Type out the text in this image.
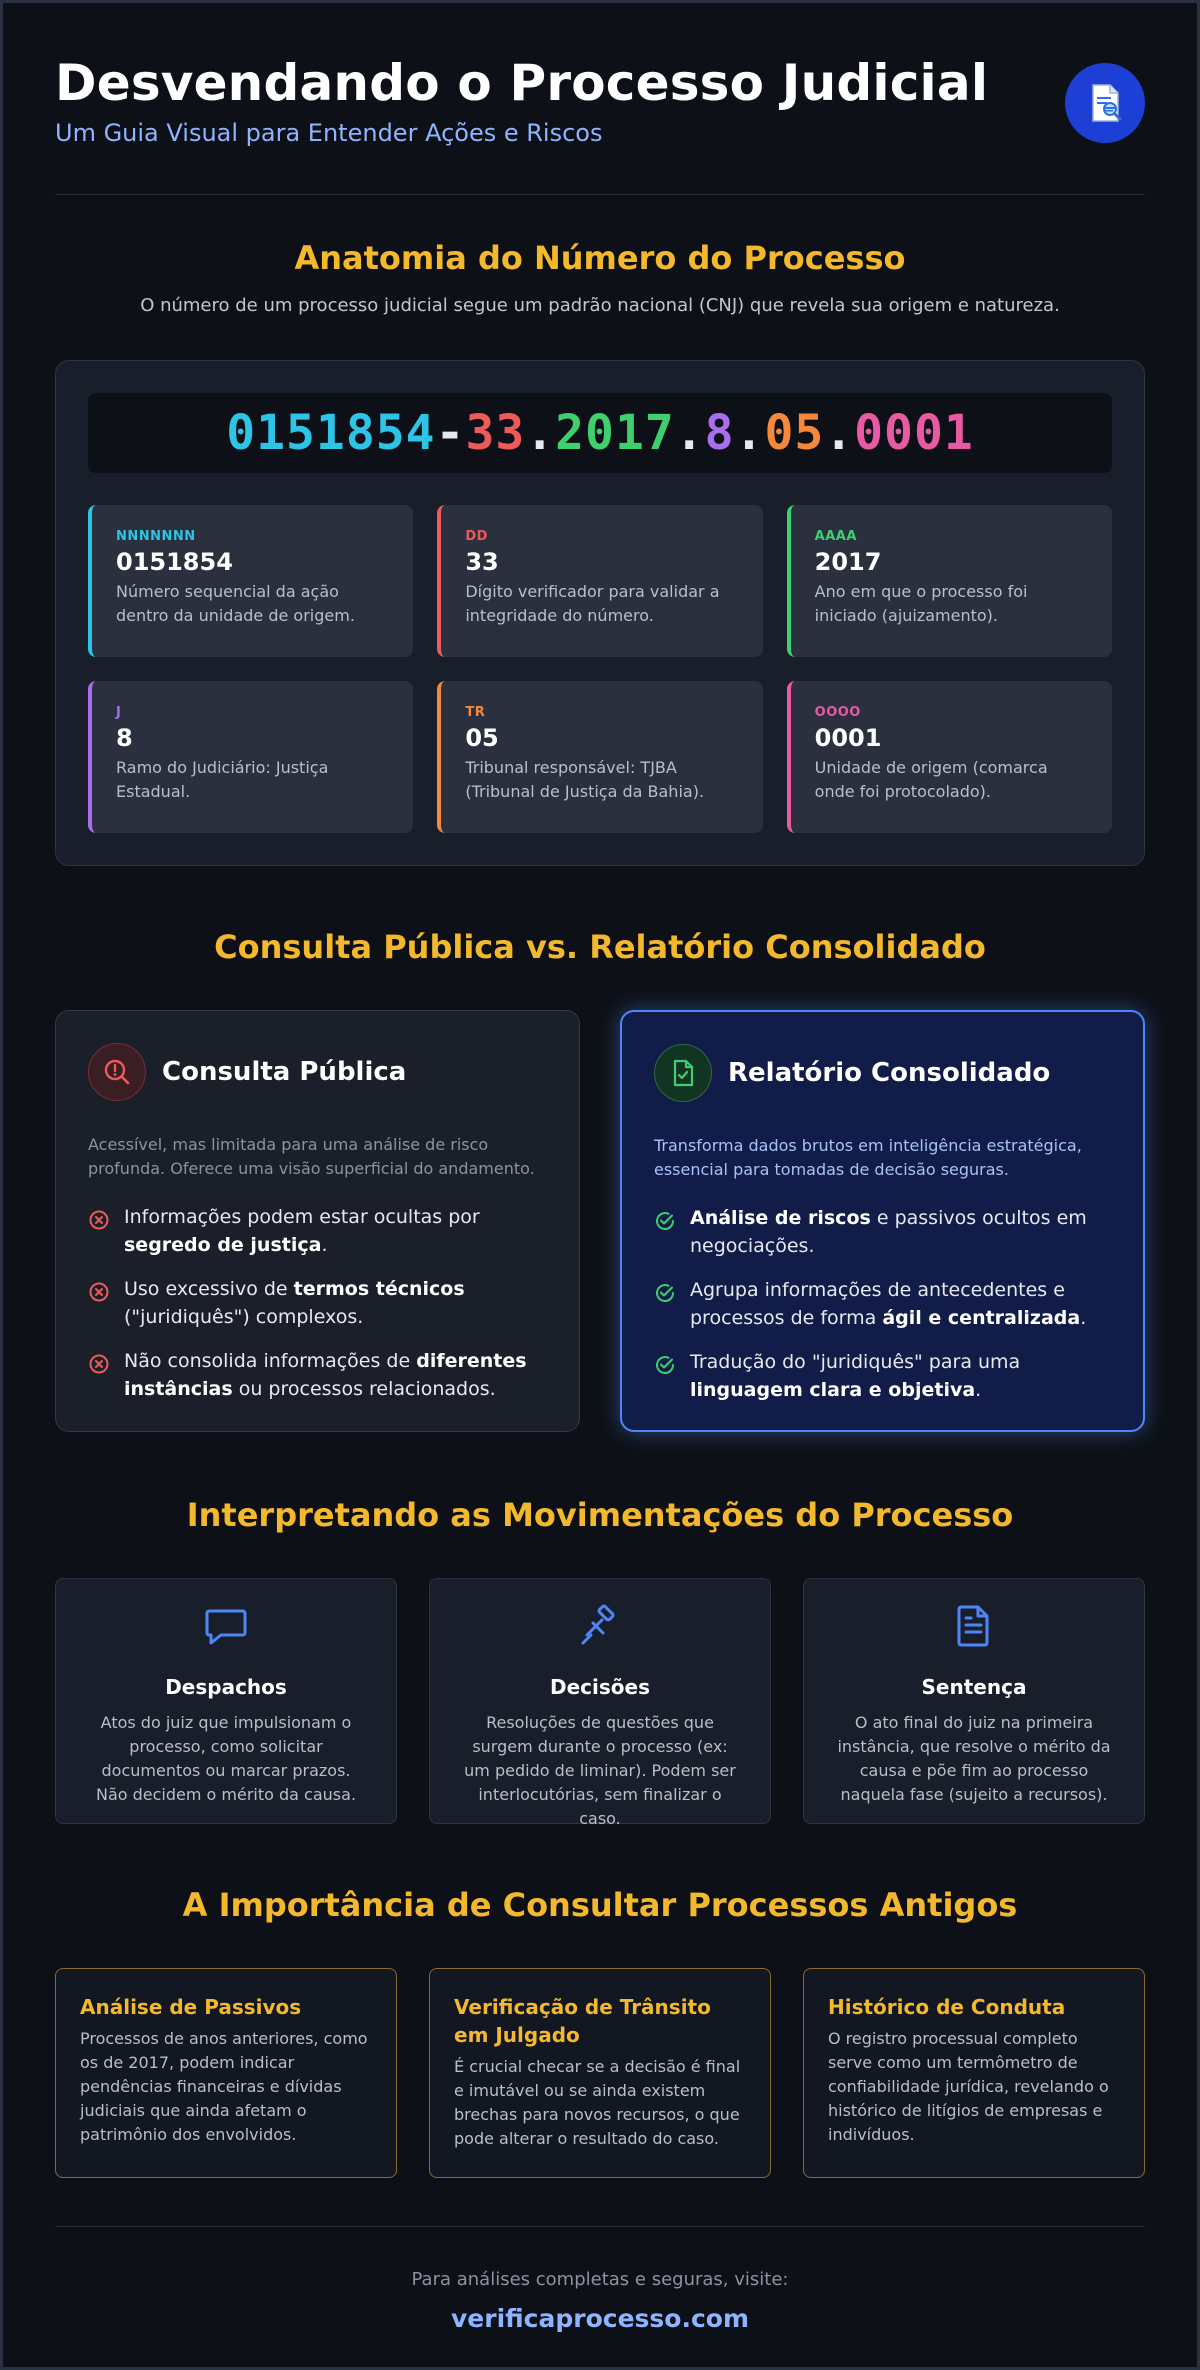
Desvendando o Processo Judicial
Um Guia Visual para Entender Ações e Riscos
Anatomia do Número do Processo

O número de um processo judicial segue um padrão nacional (CNJ) que revela sua origem e natureza.

0151854 - 33 . 2017 . 8 . 05 . 0001
NNNNNNN
0151854
Número sequencial da ação dentro da unidade de origem.
DD
33
Dígito verificador para validar a integridade do número.
AAAA
2017
Ano em que o processo foi iniciado (ajuizamento).
J
8
Ramo do Judiciário: Justiça Estadual.
TR
05
Tribunal responsável: TJBA (Tribunal de Justiça da Bahia).
OOOO
0001
Unidade de origem (comarca onde foi protocolado).
Consulta Pública vs. Relatório Consolidado
Consulta Pública

Acessível, mas limitada para uma análise de risco profunda. Oferece uma visão superficial do andamento.

Informações podem estar ocultas por segredo de justiça.
Uso excessivo de termos técnicos ("juridiquês") complexos.
Não consolida informações de diferentes instâncias ou processos relacionados.
Relatório Consolidado

Transforma dados brutos em inteligência estratégica, essencial para tomadas de decisão seguras.

Análise de riscos e passivos ocultos em negociações.
Agrupa informações de antecedentes e processos de forma ágil e centralizada.
Tradução do "juridiquês" para uma linguagem clara e objetiva.
Interpretando as Movimentações do Processo
Despachos
Atos do juiz que impulsionam o processo, como solicitar documentos ou marcar prazos. Não decidem o mérito da causa.
Decisões
Resoluções de questões que surgem durante o processo (ex: um pedido de liminar). Podem ser interlocutórias, sem finalizar o caso.
Sentença
O ato final do juiz na primeira instância, que resolve o mérito da causa e põe fim ao processo naquela fase (sujeito a recursos).
A Importância de Consultar Processos Antigos
Análise de Passivos
Processos de anos anteriores, como os de 2017, podem indicar pendências financeiras e dívidas judiciais que ainda afetam o patrimônio dos envolvidos.
Verificação de Trânsito em Julgado
É crucial checar se a decisão é final e imutável ou se ainda existem brechas para novos recursos, o que pode alterar o resultado do caso.
Histórico de Conduta
O registro processual completo serve como um termômetro de confiabilidade jurídica, revelando o histórico de litígios de empresas e indivíduos.
Para análises completas e seguras, visite:
verificaprocesso.com
